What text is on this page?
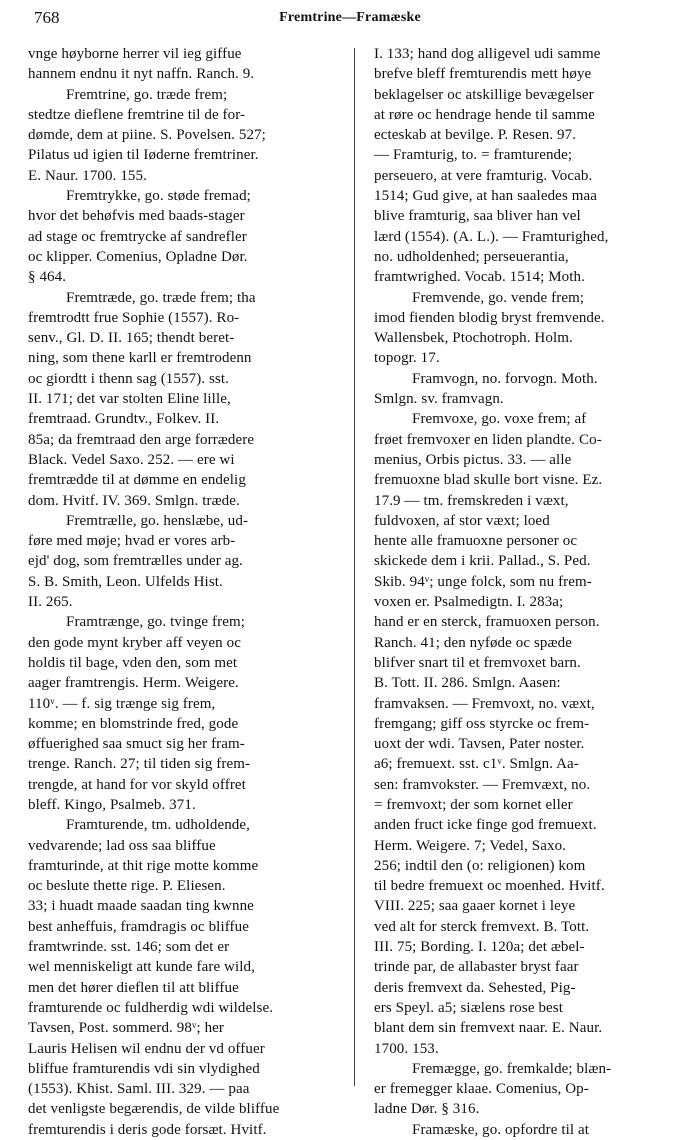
768	Fremtrine—Framæske
vnge høyborne herrer vil ieg giffue
hannem endnu it nyt naffn. Ranch. 9.
Fremtrine, go. træde frem;
stedtze dieflene fremtrine til de for-
dømde, dem at piine. S. Povelsen. 527;
Pilatus ud igien til Iøderne fremtriner.
E. Naur. 1700. 155.
Fremtrykke, go. støde fremad;
hvor det behøfvis med baads-stager
ad stage oc fremtrycke af sandrefler
oc klipper. Comenius, Opladne Dør.
§ 464.
Fremtræde, go. træde frem; tha
fremtrodtt frue Sophie (1557). Ro-
senv., Gl. D. II. 165; thendt beret-
ning, som thene karll er fremtrodenn
oc giordtt i thenn sag (1557). sst.
II. 171; det var stolten Eline lille,
fremtraad. Grundtv., Folkev. II.
85a; da fremtraad den arge forrædere
Black. Vedel Saxo. 252. — ere wi
fremtrædde til at dømme en endelig
dom. Hvitf. IV. 369. Smlgn. træde.
Fremtrælle, go. henslæbe, ud-
føre med møje; hvad er vores arb-
ejd' dog, som fremtrælles under ag.
S. B. Smith, Leon. Ulfelds Hist.
II. 265.
Framtrænge, go. tvinge frem;
den gode mynt kryber aff veyen oc
holdis til bage, vden den, som met
aager framtrengis. Herm. Weigere.
110ᵛ. — f. sig trænge sig frem,
komme; en blomstrinde fred, gode
øffuerighed saa smuct sig her fram-
trenge. Ranch. 27; til tiden sig frem-
trengde, at hand for vor skyld offret
bleff. Kingo, Psalmeb. 371.
Framturende, tm. udholdende,
vedvarende; lad oss saa bliffue
framturinde, at thit rige motte komme
oc beslute thette rige. P. Eliesen.
33; i huadt maade saadan ting kwnne
best anheffuis, framdragis oc bliffue
framtwrinde. sst. 146; som det er
wel menniskeligt att kunde fare wild,
men det hører dieflen til att bliffue
framturende oc fuldherdig wdi wildelse.
Tavsen, Post. sommerd. 98ᵛ; her
Lauris Helisen wil endnu der vd offuer
bliffue framturendis vdi sin vlydighed
(1553). Khist. Saml. III. 329. — paa
det venligste begærendis, de vilde bliffue
fremturendis i deris gode forsæt. Hvitf.
I. 133; hand dog alligevel udi samme
brefve bleff fremturendis mett høye
beklagelser oc atskillige bevægelser
at røre oc hendrage hende til samme
ecteskab at bevilge. P. Resen. 97.
— Framturig, to. = framturende;
perseuero, at vere framturig. Vocab.
1514; Gud give, at han saaledes maa
blive framturig, saa bliver han vel
lærd (1554). (A. L.). — Framturighed,
no. udholdenhed; perseuerantia,
framtwrighed. Vocab. 1514; Moth.
Fremvende, go. vende frem;
imod fienden blodig bryst fremvende.
Wallensbek, Ptochotroph. Holm.
topogr. 17.
Framvogn, no. forvogn. Moth.
Smlgn. sv. framvagn.
Fremvoxe, go. voxe frem; af
frøet fremvoxer en liden plandte. Co-
menius, Orbis pictus. 33. — alle
fremuoxne blad skulle bort visne. Ez.
17.9 — tm. fremskreden i væxt,
fuldvoxen, af stor væxt; loed
hente alle framuoxne personer oc
skickede dem i krii. Pallad., S. Ped.
Skib. 94ᵛ; unge folck, som nu frem-
voxen er. Psalmedigtn. I. 283a;
hand er en sterck, framuoxen person.
Ranch. 41; den nyfødе oc spæde
blifver snart til et fremvoxet barn.
B. Tott. II. 286. Smlgn. Aasen:
framvaksen. — Fremvoxt, no. væxt,
fremgang; giff oss styrcke oc frem-
uoxt der wdi. Tavsen, Pater noster.
a6; fremuext. sst. c1ᵛ. Smlgn. Aa-
sen: framvokster. — Fremvæxt, no.
= fremvoxt; der som kornet eller
anden fruct icke finge god fremuext.
Herm. Weigere. 7; Vedel, Saxo.
256; indtil den (o: religionen) kom
til bedre fremuext oc moenhed. Hvitf.
VIII. 225; saa gaaer kornet i leye
ved alt for sterck fremvext. B. Tott.
III. 75; Bording. I. 120a; det æbel-
trinde par, de allabaster bryst faar
deris fremvext da. Sehested, Pig-
ers Speyl. a5; siælens rose best
blant dem sin fremvext naar. E. Naur.
1700. 153.
Fremægge, go. fremkalde; blæn-
er fremegger klaae. Comenius, Op-
ladne Dør. § 316.
Framæske, go. opfordre til at
